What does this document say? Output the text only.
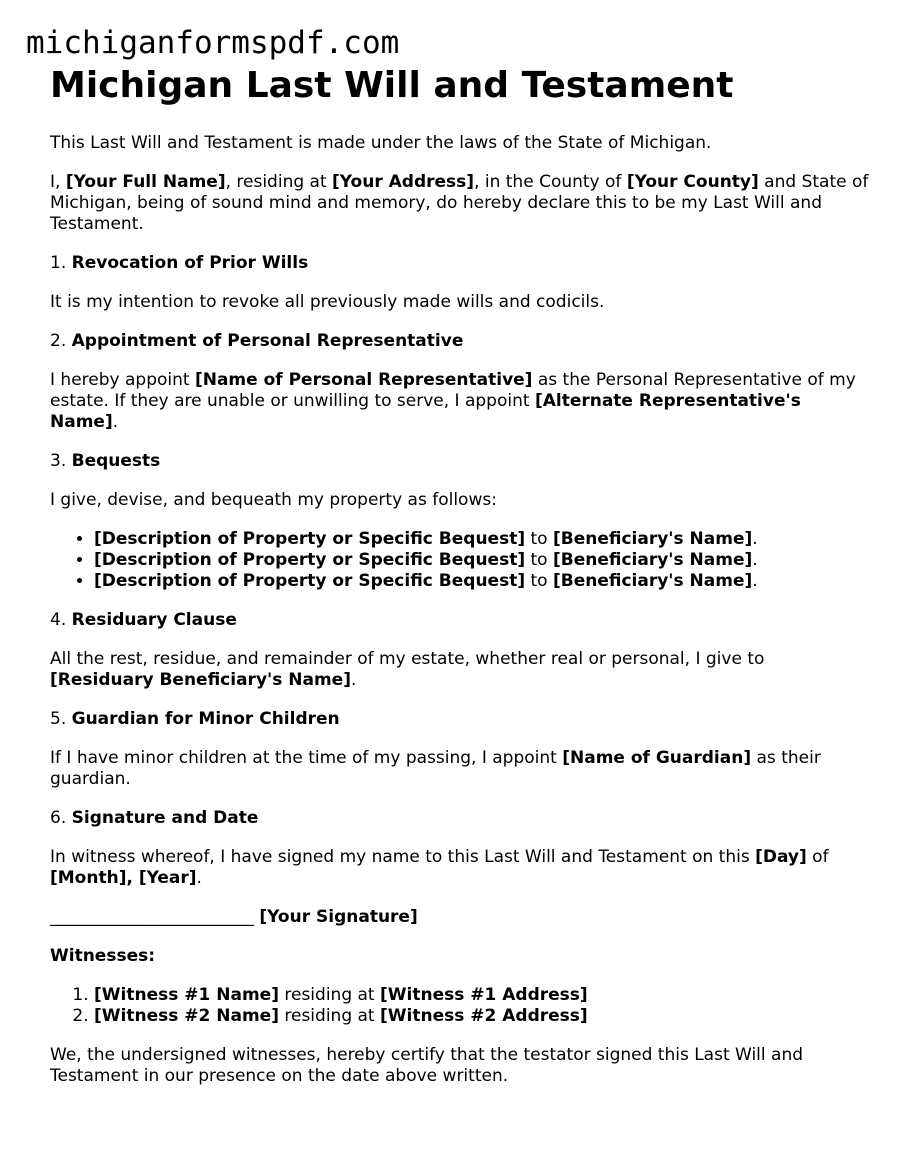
michiganformspdf.com
Michigan Last Will and Testament

This Last Will and Testament is made under the laws of the State of Michigan.

I, [Your Full Name], residing at [Your Address], in the County of [Your County] and State of Michigan, being of sound mind and memory, do hereby declare this to be my Last Will and Testament.

1. Revocation of Prior Wills

It is my intention to revoke all previously made wills and codicils.

2. Appointment of Personal Representative

I hereby appoint [Name of Personal Representative] as the Personal Representative of my estate. If they are unable or unwilling to serve, I appoint [Alternate Representative's Name].

3. Bequests

I give, devise, and bequeath my property as follows:

• [Description of Property or Specific Bequest] to [Beneficiary's Name].
• [Description of Property or Specific Bequest] to [Beneficiary's Name].
• [Description of Property or Specific Bequest] to [Beneficiary's Name].

4. Residuary Clause

All the rest, residue, and remainder of my estate, whether real or personal, I give to [Residuary Beneficiary's Name].

5. Guardian for Minor Children

If I have minor children at the time of my passing, I appoint [Name of Guardian] as their guardian.

6. Signature and Date

In witness whereof, I have signed my name to this Last Will and Testament on this [Day] of [Month], [Year].

________________________ [Your Signature]

Witnesses:

1. [Witness #1 Name] residing at [Witness #1 Address]
2. [Witness #2 Name] residing at [Witness #2 Address]

We, the undersigned witnesses, hereby certify that the testator signed this Last Will and Testament in our presence on the date above written.
